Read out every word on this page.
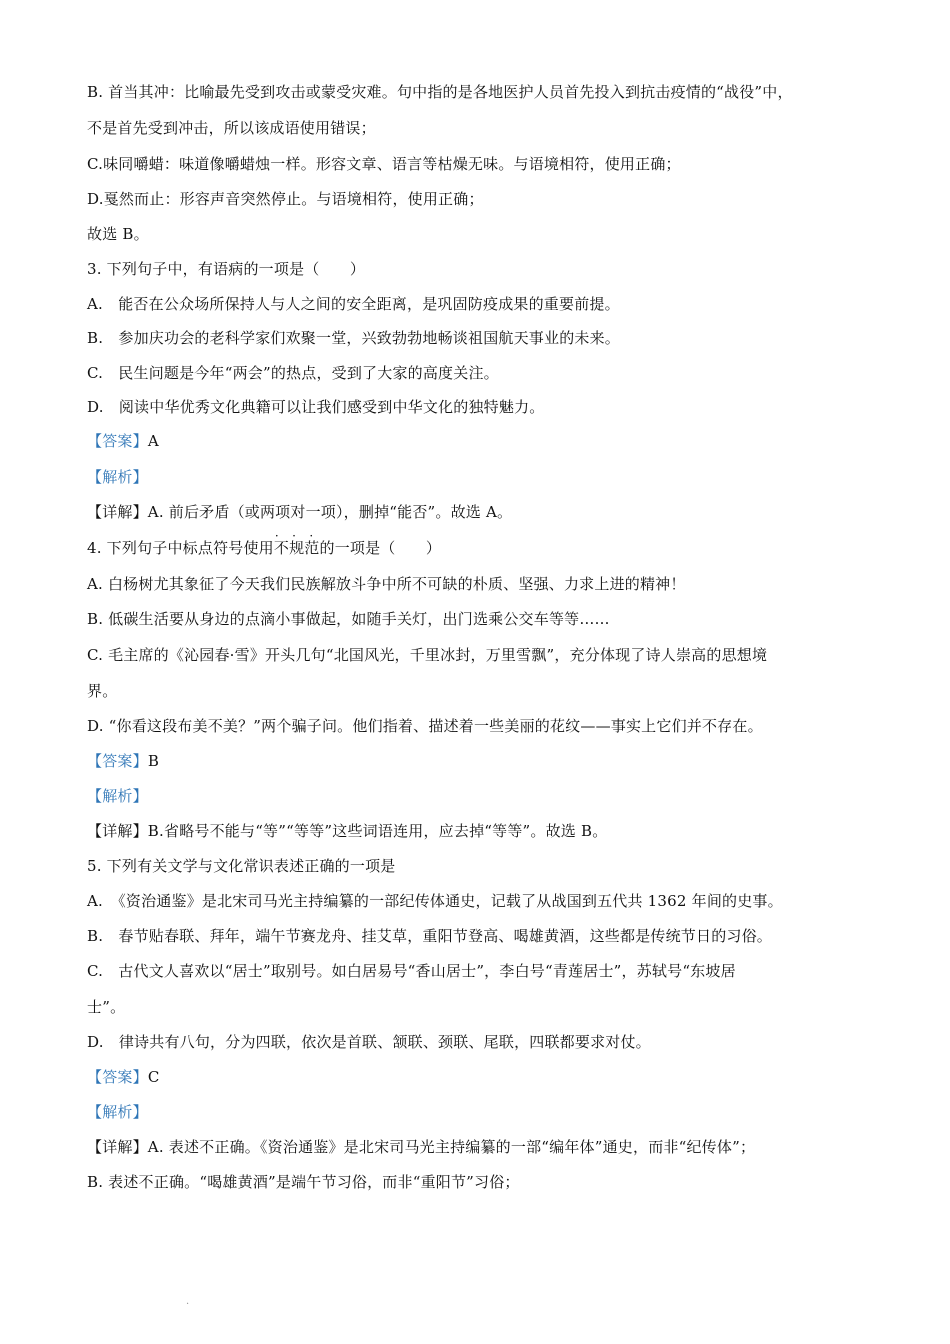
B. 首当其冲：比喻最先受到攻击或蒙受灾难。句中指的是各地医护人员首先投入到抗击疫情的“战役”中，
不是首先受到冲击，所以该成语使用错误；
C.味同嚼蜡：味道像嚼蜡烛一样。形容文章、语言等枯燥无味。与语境相符，使用正确；
D.戛然而止：形容声音突然停止。与语境相符，使用正确；
故选 B。
3. 下列句子中，有语病的一项是（　　）
A.　能否在公众场所保持人与人之间的安全距离，是巩固防疫成果的重要前提。
B.　参加庆功会的老科学家们欢聚一堂，兴致勃勃地畅谈祖国航天事业的未来。
C.　民生问题是今年“两会”的热点，受到了大家的高度关注。
D.　阅读中华优秀文化典籍可以让我们感受到中华文化的独特魅力。
【答案】A
【解析】
【详解】A. 前后矛盾（或两项对一项），删掉“能否”。故选 A。
4. 下列句子中标点符号使用· · 不规范的一项是（　　）
A. 白杨树尤其象征了今天我们民族解放斗争中所不可缺的朴质、坚强、力求上进的精神！
B. 低碳生活要从身边的点滴小事做起，如随手关灯，出门选乘公交车等等……
C. 毛主席的《沁园春·雪》开头几句“北国风光，千里冰封，万里雪飘”，充分体现了诗人崇高的思想境
界。
D. “你看这段布美不美？”两个骗子问。他们指着、描述着一些美丽的花纹——事实上它们并不存在。
【答案】B
【解析】
【详解】B.省略号不能与“等”“等等”这些词语连用，应去掉“等等”。故选 B。
5. 下列有关文学与文化常识表述正确的一项是
A.　《资治通鉴》是北宋司马光主持编纂的一部纪传体通史，记载了从战国到五代共 1362 年间的史事。
B.　春节贴春联、拜年，端午节赛龙舟、挂艾草，重阳节登高、喝雄黄酒，这些都是传统节日的习俗。
C.　古代文人喜欢以“居士”取别号。如白居易号“香山居士”，李白号“青莲居士”，苏轼号“东坡居
士”。
D.　律诗共有八句，分为四联，依次是首联、颔联、颈联、尾联，四联都要求对仗。
【答案】C
【解析】
【详解】A. 表述不正确。《资治通鉴》是北宋司马光主持编纂的一部“编年体”通史，而非“纪传体”；
B. 表述不正确。“喝雄黄酒”是端午节习俗，而非“重阳节”习俗；
·
